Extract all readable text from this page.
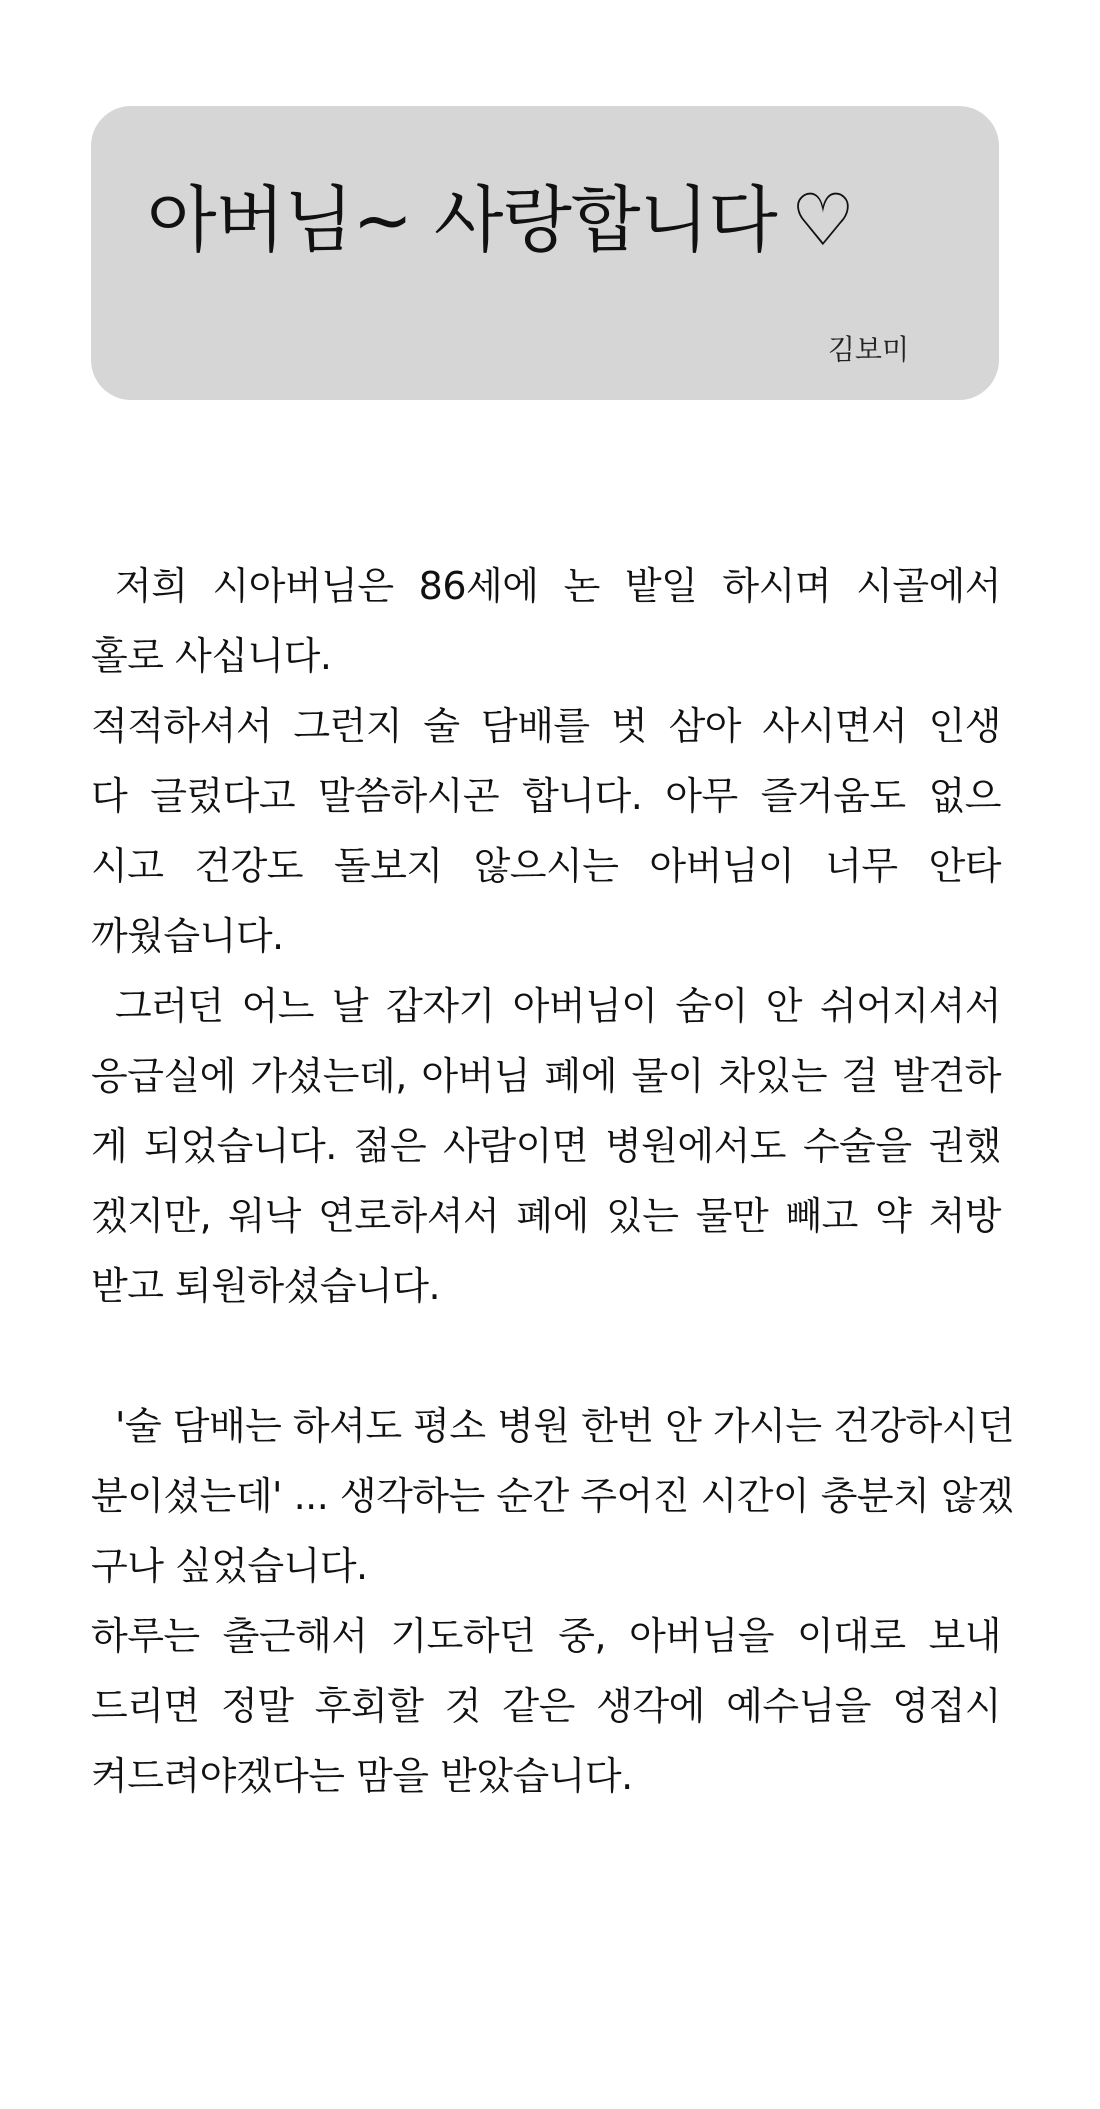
아버님~ 사랑합니다 ♡
김보미
저희 시아버님은 86세에 논 밭일 하시며 시골에서
홀로 사십니다.
적적하셔서 그런지 술 담배를 벗 삼아 사시면서 인생
다 글렀다고 말씀하시곤 합니다. 아무 즐거움도 없으
시고 건강도 돌보지 않으시는 아버님이 너무 안타
까웠습니다.
그러던 어느 날 갑자기 아버님이 숨이 안 쉬어지셔서
응급실에 가셨는데, 아버님 폐에 물이 차있는 걸 발견하
게 되었습니다. 젊은 사람이면 병원에서도 수술을 권했
겠지만, 워낙 연로하셔서 폐에 있는 물만 빼고 약 처방
받고 퇴원하셨습니다.
'술 담배는 하셔도 평소 병원 한번 안 가시는 건강하시던
분이셨는데' ... 생각하는 순간 주어진 시간이 충분치 않겠
구나 싶었습니다.
하루는 출근해서 기도하던 중, 아버님을 이대로 보내
드리면 정말 후회할 것 같은 생각에 예수님을 영접시
켜드려야겠다는 맘을 받았습니다.
